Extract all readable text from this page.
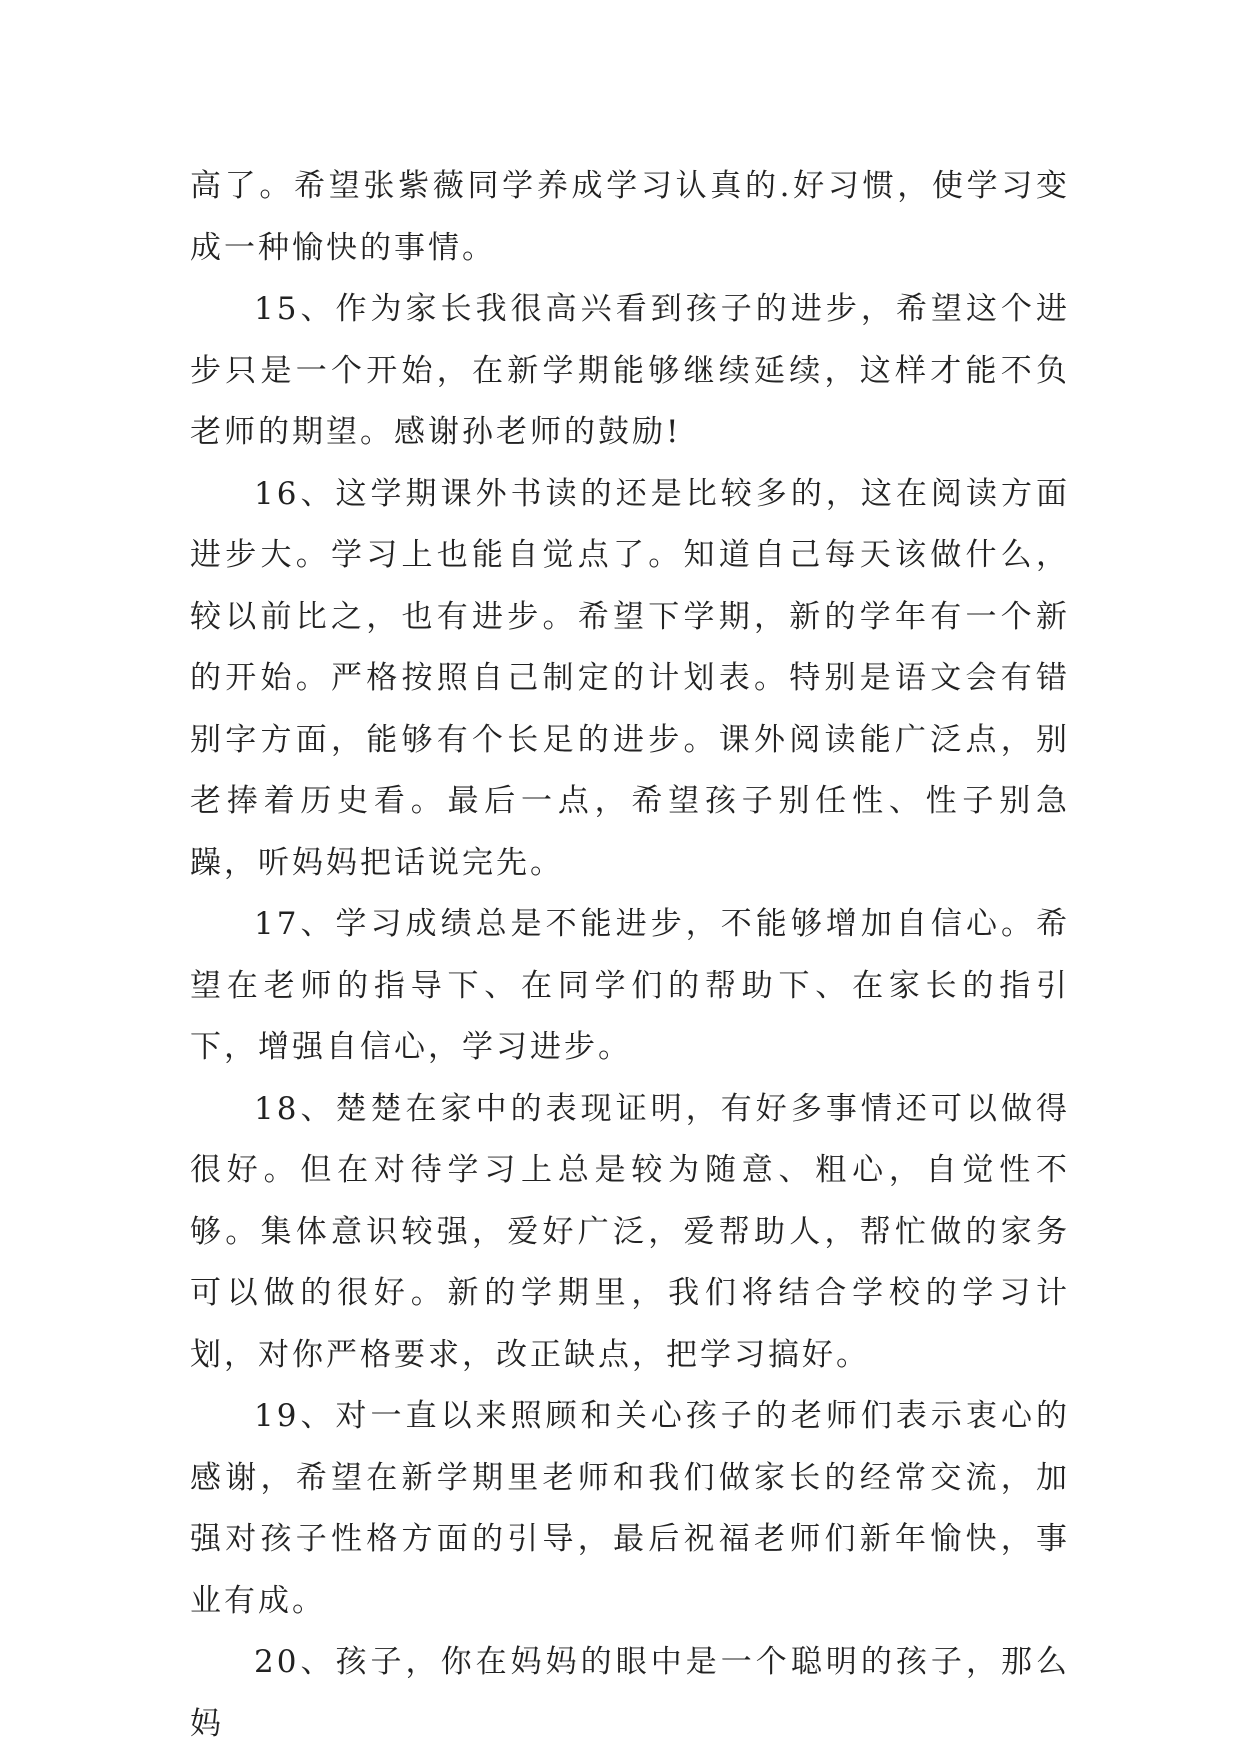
高了。希望张紫薇同学养成学习认真的.好习惯，使学习变成一种愉快的事情。

15、作为家长我很高兴看到孩子的进步，希望这个进步只是一个开始，在新学期能够继续延续，这样才能不负老师的期望。感谢孙老师的鼓励!

16、这学期课外书读的还是比较多的，这在阅读方面进步大。学习上也能自觉点了。知道自己每天该做什么，较以前比之，也有进步。希望下学期，新的学年有一个新的开始。严格按照自己制定的计划表。特别是语文会有错别字方面，能够有个长足的进步。课外阅读能广泛点，别老捧着历史看。最后一点，希望孩子别任性、性子别急躁，听妈妈把话说完先。

17、学习成绩总是不能进步，不能够增加自信心。希望在老师的指导下、在同学们的帮助下、在家长的指引下，增强自信心，学习进步。

18、楚楚在家中的表现证明，有好多事情还可以做得很好。但在对待学习上总是较为随意、粗心，自觉性不够。集体意识较强，爱好广泛，爱帮助人，帮忙做的家务可以做的很好。新的学期里，我们将结合学校的学习计划，对你严格要求，改正缺点，把学习搞好。

19、对一直以来照顾和关心孩子的老师们表示衷心的感谢，希望在新学期里老师和我们做家长的经常交流，加强对孩子性格方面的引导，最后祝福老师们新年愉快，事业有成。

20、孩子，你在妈妈的眼中是一个聪明的孩子，那么妈
